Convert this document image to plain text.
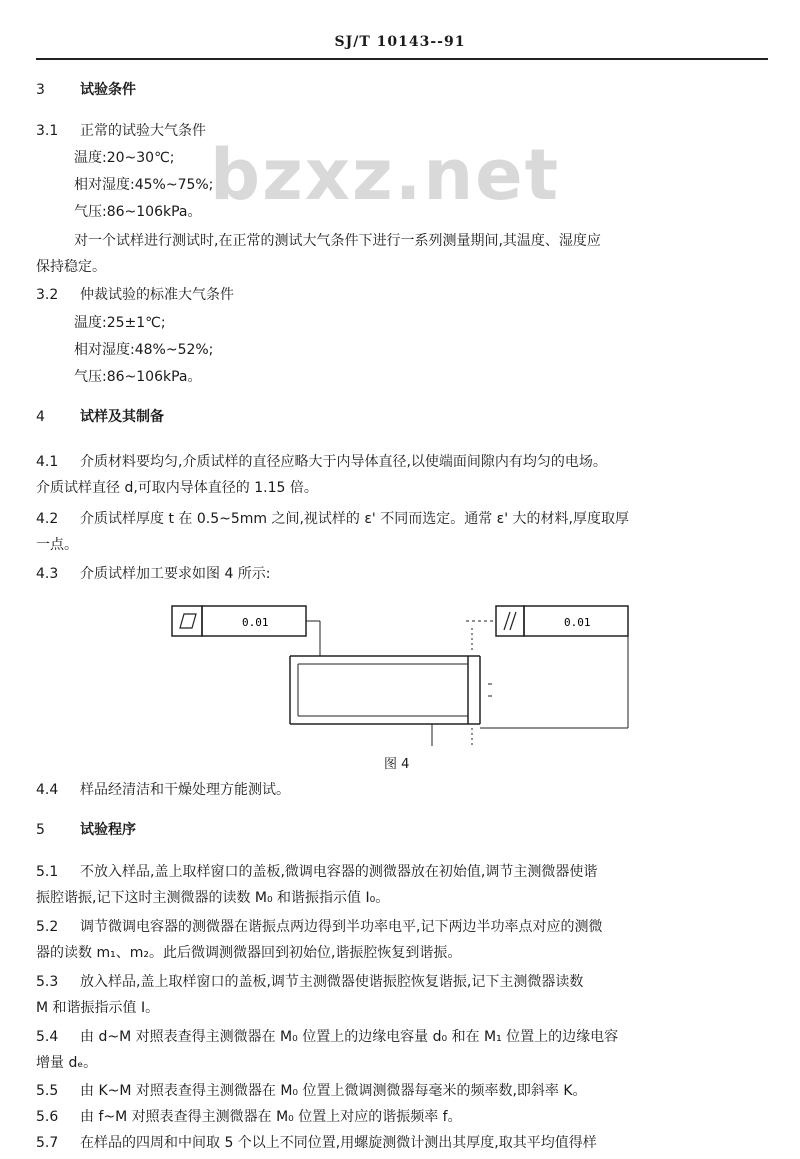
SJ/T 10143--91
bzxz.net
3	试验条件
3.1 正常的试验大气条件
温度:20~30℃;
相对湿度:45%~75%;
气压:86~106kPa。
对一个试样进行测试时,在正常的测试大气条件下进行一系列测量期间,其温度、湿度应
保持稳定。
3.2 仲裁试验的标准大气条件
温度:25±1℃;
相对湿度:48%~52%;
气压:86~106kPa。
4	试样及其制备
4.1 介质材料要均匀,介质试样的直径应略大于内导体直径,以使端面间隙内有均匀的电场。
介质试样直径 d,可取内导体直径的 1.15 倍。
4.2 介质试样厚度 t 在 0.5~5mm 之间,视试样的 ε' 不同而选定。通常 ε' 大的材料,厚度取厚
一点。
4.3 介质试样加工要求如图 4 所示:
0.01	0.01
图 4
4.4 样品经清洁和干燥处理方能测试。
5	试验程序
5.1 不放入样品,盖上取样窗口的盖板,微调电容器的测微器放在初始值,调节主测微器使谐
振腔谐振,记下这时主测微器的读数 M₀ 和谐振指示值 I₀。
5.2 调节微调电容器的测微器在谐振点两边得到半功率电平,记下两边半功率点对应的测微
器的读数 m₁、m₂。此后微调测微器回到初始位,谐振腔恢复到谐振。
5.3 放入样品,盖上取样窗口的盖板,调节主测微器使谐振腔恢复谐振,记下主测微器读数
M 和谐振指示值 I。
5.4 由 d~M 对照表查得主测微器在 M₀ 位置上的边缘电容量 d₀ 和在 M₁ 位置上的边缘电容
增量 dₑ。
5.5 由 K~M 对照表查得主测微器在 M₀ 位置上微调测微器每毫米的频率数,即斜率 K。
5.6 由 f~M 对照表查得主测微器在 M₀ 位置上对应的谐振频率 f。
5.7 在样品的四周和中间取 5 个以上不同位置,用螺旋测微计测出其厚度,取其平均值得样
